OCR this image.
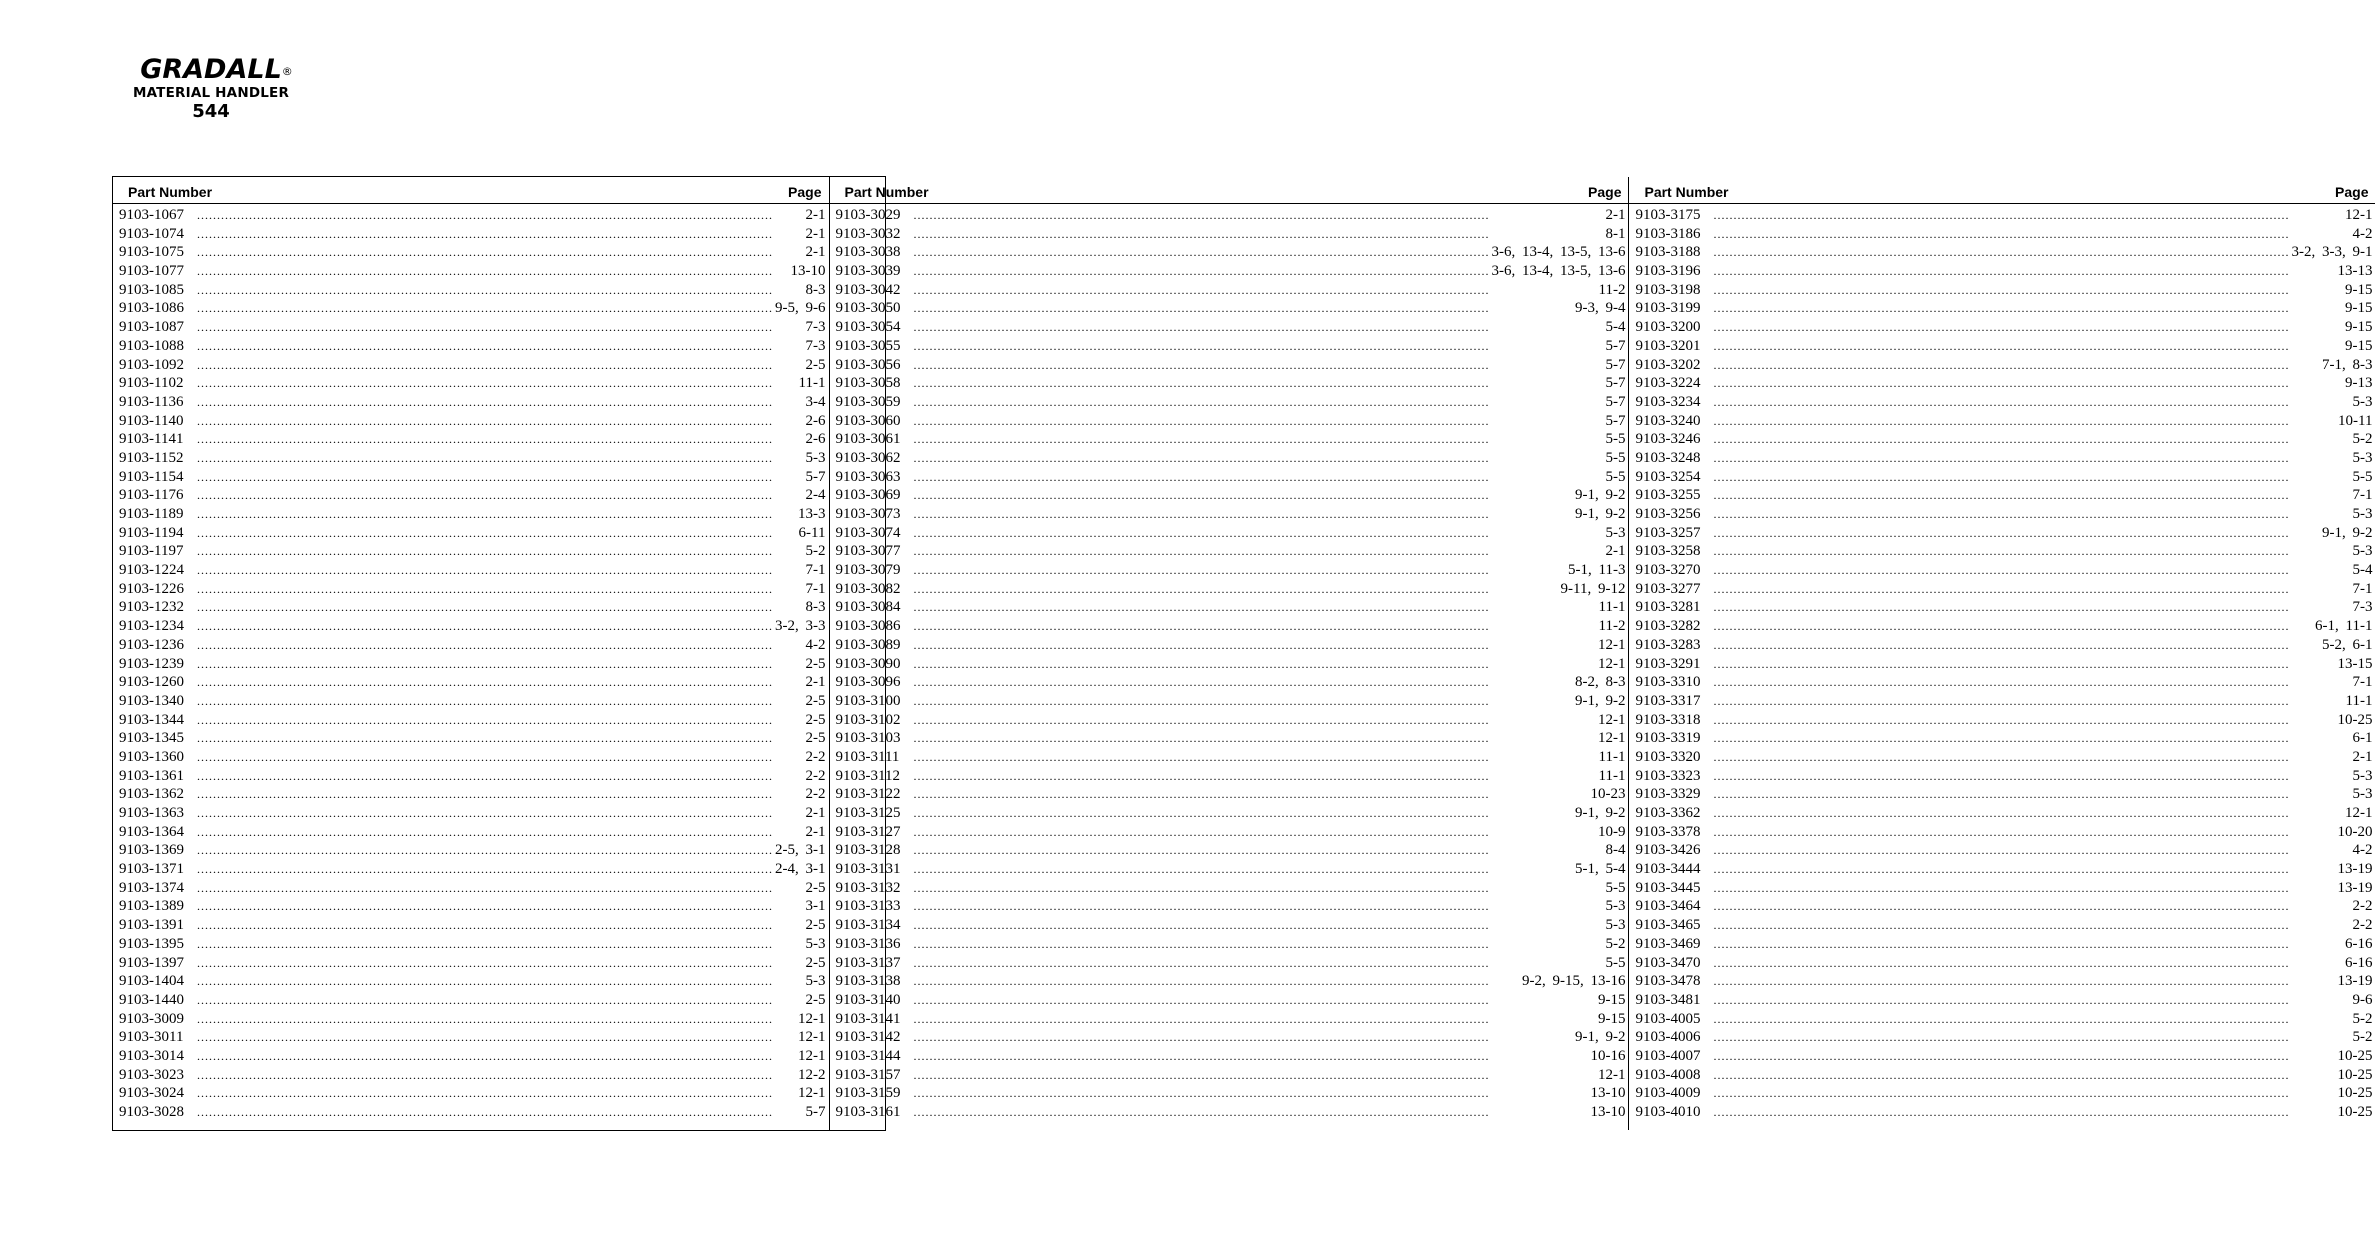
GRADALL ®
MATERIAL HANDLER
544
Part Number	Page
9103-1067 .....	2-1
9103-1074 .....	2-1
9103-1075 .....	2-1
9103-1077 .....	13-10
9103-1085 .....	8-3
9103-1086 .....	9-5, 9-6
9103-1087 .....	7-3
9103-1088 .....	7-3
9103-1092 .....	2-5
9103-1102 .....	11-1
9103-1136 .....	3-4
9103-1140 .....	2-6
9103-1141 .....	2-6
9103-1152 .....	5-3
9103-1154 .....	5-7
9103-1176 .....	2-4
9103-1189 .....	13-3
9103-1194 .....	6-11
9103-1197 .....	5-2
9103-1224 .....	7-1
9103-1226 .....	7-1
9103-1232 .....	8-3
9103-1234 .....	3-2, 3-3
9103-1236 .....	4-2
9103-1239 .....	2-5
9103-1260 .....	2-1
9103-1340 .....	2-5
9103-1344 .....	2-5
9103-1345 .....	2-5
9103-1360 .....	2-2
9103-1361 .....	2-2
9103-1362 .....	2-2
9103-1363 .....	2-1
9103-1364 .....	2-1
9103-1369 .....	2-5, 3-1
9103-1371 .....	2-4, 3-1
9103-1374 .....	2-5
9103-1389 .....	3-1
9103-1391 .....	2-5
9103-1395 .....	5-3
9103-1397 .....	2-5
9103-1404 .....	5-3
9103-1440 .....	2-5
9103-3009 .....	12-1
9103-3011 .....	12-1
9103-3014 .....	12-1
9103-3023 .....	12-2
9103-3024 .....	12-1
9103-3028 .....	5-7
Part Number	Page
9103-3029 .....	2-1
9103-3032 .....	8-1
9103-3038 .....	3-6, 13-4, 13-5, 13-6
9103-3039 .....	3-6, 13-4, 13-5, 13-6
9103-3042 .....	11-2
9103-3050 .....	9-3, 9-4
9103-3054 .....	5-4
9103-3055 .....	5-7
9103-3056 .....	5-7
9103-3058 .....	5-7
9103-3059 .....	5-7
9103-3060 .....	5-7
9103-3061 .....	5-5
9103-3062 .....	5-5
9103-3063 .....	5-5
9103-3069 .....	9-1, 9-2
9103-3073 .....	9-1, 9-2
9103-3074 .....	5-3
9103-3077 .....	2-1
9103-3079 .....	5-1, 11-3
9103-3082 .....	9-11, 9-12
9103-3084 .....	11-1
9103-3086 .....	11-2
9103-3089 .....	12-1
9103-3090 .....	12-1
9103-3096 .....	8-2, 8-3
9103-3100 .....	9-1, 9-2
9103-3102 .....	12-1
9103-3103 .....	12-1
9103-3111 .....	11-1
9103-3112 .....	11-1
9103-3122 .....	10-23
9103-3125 .....	9-1, 9-2
9103-3127 .....	10-9
9103-3128 .....	8-4
9103-3131 .....	5-1, 5-4
9103-3132 .....	5-5
9103-3133 .....	5-3
9103-3134 .....	5-3
9103-3136 .....	5-2
9103-3137 .....	5-5
9103-3138 .....	9-2, 9-15, 13-16
9103-3140 .....	9-15
9103-3141 .....	9-15
9103-3142 .....	9-1, 9-2
9103-3144 .....	10-16
9103-3157 .....	12-1
9103-3159 .....	13-10
9103-3161 .....	13-10
Part Number	Page
9103-3175 .....	12-1
9103-3186 .....	4-2
9103-3188 .....	3-2, 3-3, 9-1
9103-3196 .....	13-13
9103-3198 .....	9-15
9103-3199 .....	9-15
9103-3200 .....	9-15
9103-3201 .....	9-15
9103-3202 .....	7-1, 8-3
9103-3224 .....	9-13
9103-3234 .....	5-3
9103-3240 .....	10-11
9103-3246 .....	5-2
9103-3248 .....	5-3
9103-3254 .....	5-5
9103-3255 .....	7-1
9103-3256 .....	5-3
9103-3257 .....	9-1, 9-2
9103-3258 .....	5-3
9103-3270 .....	5-4
9103-3277 .....	7-1
9103-3281 .....	7-3
9103-3282 .....	6-1, 11-1
9103-3283 .....	5-2, 6-1
9103-3291 .....	13-15
9103-3310 .....	7-1
9103-3317 .....	11-1
9103-3318 .....	10-25
9103-3319 .....	6-1
9103-3320 .....	2-1
9103-3323 .....	5-3
9103-3329 .....	5-3
9103-3362 .....	12-1
9103-3378 .....	10-20
9103-3426 .....	4-2
9103-3444 .....	13-19
9103-3445 .....	13-19
9103-3464 .....	2-2
9103-3465 .....	2-2
9103-3469 .....	6-16
9103-3470 .....	6-16
9103-3478 .....	13-19
9103-3481 .....	9-6
9103-4005 .....	5-2
9103-4006 .....	5-2
9103-4007 .....	10-25
9103-4008 .....	10-25
9103-4009 .....	10-25
9103-4010 .....	10-25
